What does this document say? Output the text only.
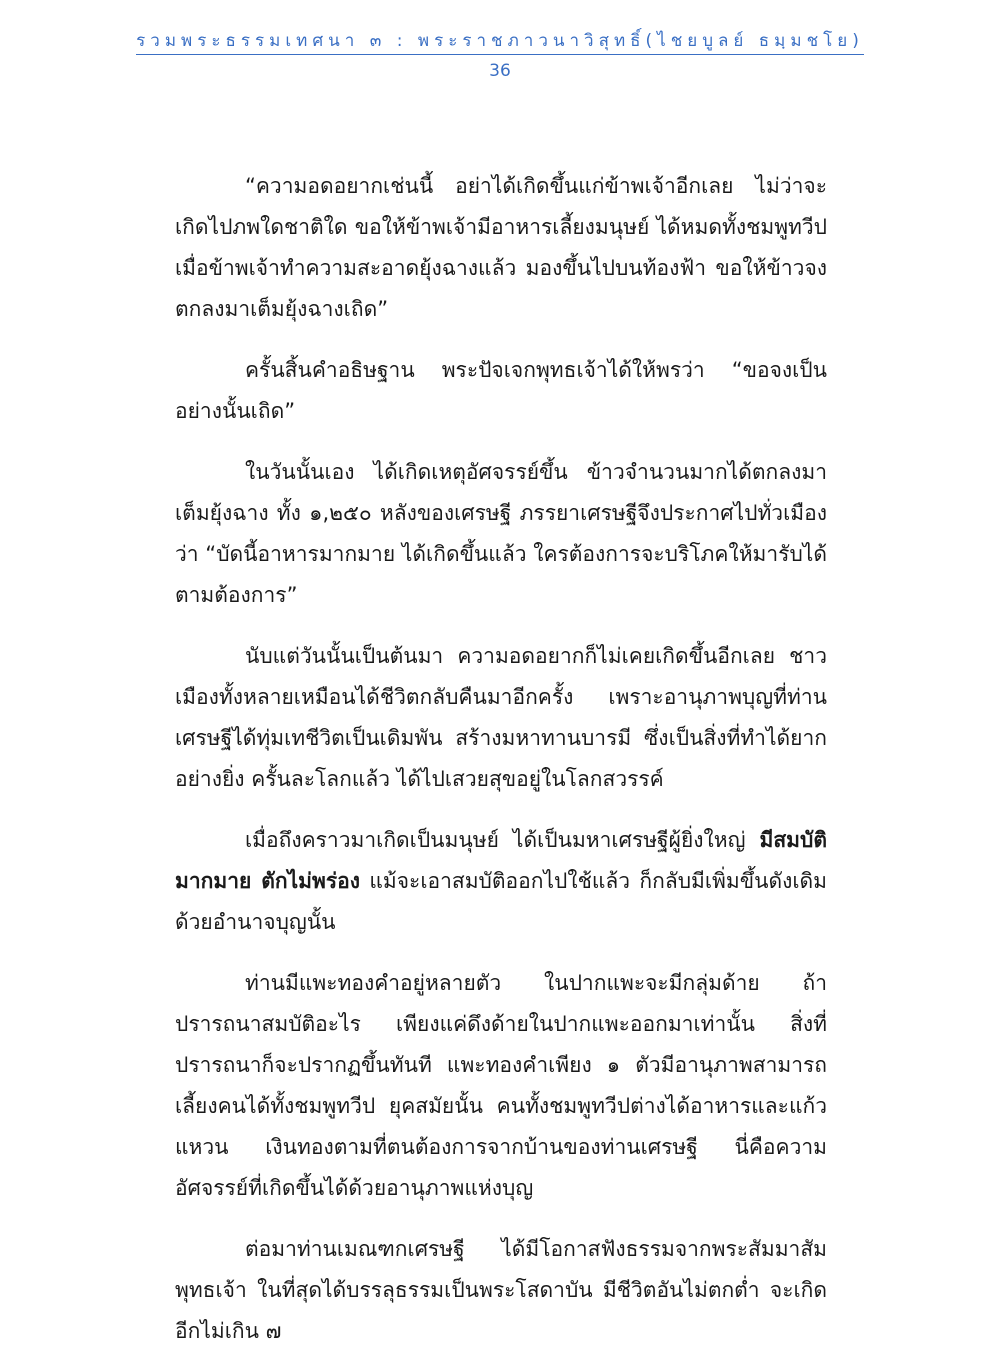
รวมพระธรรมเทศนา ๓ : พระราชภาวนาวิสุทธิ์(ไชยบูลย์ ธมฺมชโย)
36

“ความอดอยากเช่นนี้ อย่าได้เกิดขึ้นแก่ข้าพเจ้าอีกเลย ไม่ว่าจะเกิดไปภพใดชาติใด ขอให้ข้าพเจ้ามีอาหารเลี้ยงมนุษย์ ได้หมดทั้งชมพูทวีป เมื่อข้าพเจ้าทำความสะอาดยุ้งฉางแล้ว มองขึ้นไปบนท้องฟ้า ขอให้ข้าวจงตกลงมาเต็มยุ้งฉางเถิด”

ครั้นสิ้นคำอธิษฐาน พระปัจเจกพุทธเจ้าได้ให้พรว่า “ขอจงเป็นอย่างนั้นเถิด”

ในวันนั้นเอง ได้เกิดเหตุอัศจรรย์ขึ้น ข้าวจำนวนมากได้ตกลงมาเต็มยุ้งฉาง ทั้ง ๑,๒๕๐ หลังของเศรษฐี ภรรยาเศรษฐีจึงประกาศไปทั่วเมืองว่า “บัดนี้อาหารมากมาย ได้เกิดขึ้นแล้ว ใครต้องการจะบริโภคให้มารับได้ตามต้องการ”

นับแต่วันนั้นเป็นต้นมา ความอดอยากก็ไม่เคยเกิดขึ้นอีกเลย ชาวเมืองทั้งหลายเหมือนได้ชีวิตกลับคืนมาอีกครั้ง เพราะอานุภาพบุญที่ท่านเศรษฐีได้ทุ่มเทชีวิตเป็นเดิมพัน สร้างมหาทานบารมี ซึ่งเป็นสิ่งที่ทำได้ยากอย่างยิ่ง ครั้นละโลกแล้ว ได้ไปเสวยสุขอยู่ในโลกสวรรค์

เมื่อถึงคราวมาเกิดเป็นมนุษย์ ได้เป็นมหาเศรษฐีผู้ยิ่งใหญ่ มีสมบัติมากมาย ตักไม่พร่อง แม้จะเอาสมบัติออกไปใช้แล้ว ก็กลับมีเพิ่มขึ้นดังเดิม ด้วยอำนาจบุญนั้น

ท่านมีแพะทองคำอยู่หลายตัว ในปากแพะจะมีกลุ่มด้าย ถ้าปรารถนาสมบัติอะไร เพียงแค่ดึงด้ายในปากแพะออกมาเท่านั้น สิ่งที่ปรารถนาก็จะปรากฏขึ้นทันที แพะทองคำเพียง ๑ ตัวมีอานุภาพสามารถเลี้ยงคนได้ทั้งชมพูทวีป ยุคสมัยนั้น คนทั้งชมพูทวีปต่างได้อาหารและแก้ว แหวน เงินทองตามที่ตนต้องการจากบ้านของท่านเศรษฐี นี่คือความอัศจรรย์ที่เกิดขึ้นได้ด้วยอานุภาพแห่งบุญ

ต่อมาท่านเมณฑกเศรษฐี ได้มีโอกาสฟังธรรมจากพระสัมมาสัมพุทธเจ้า ในที่สุดได้บรรลุธรรมเป็นพระโสดาบัน มีชีวิตอันไม่ตกต่ำ จะเกิดอีกไม่เกิน ๗
